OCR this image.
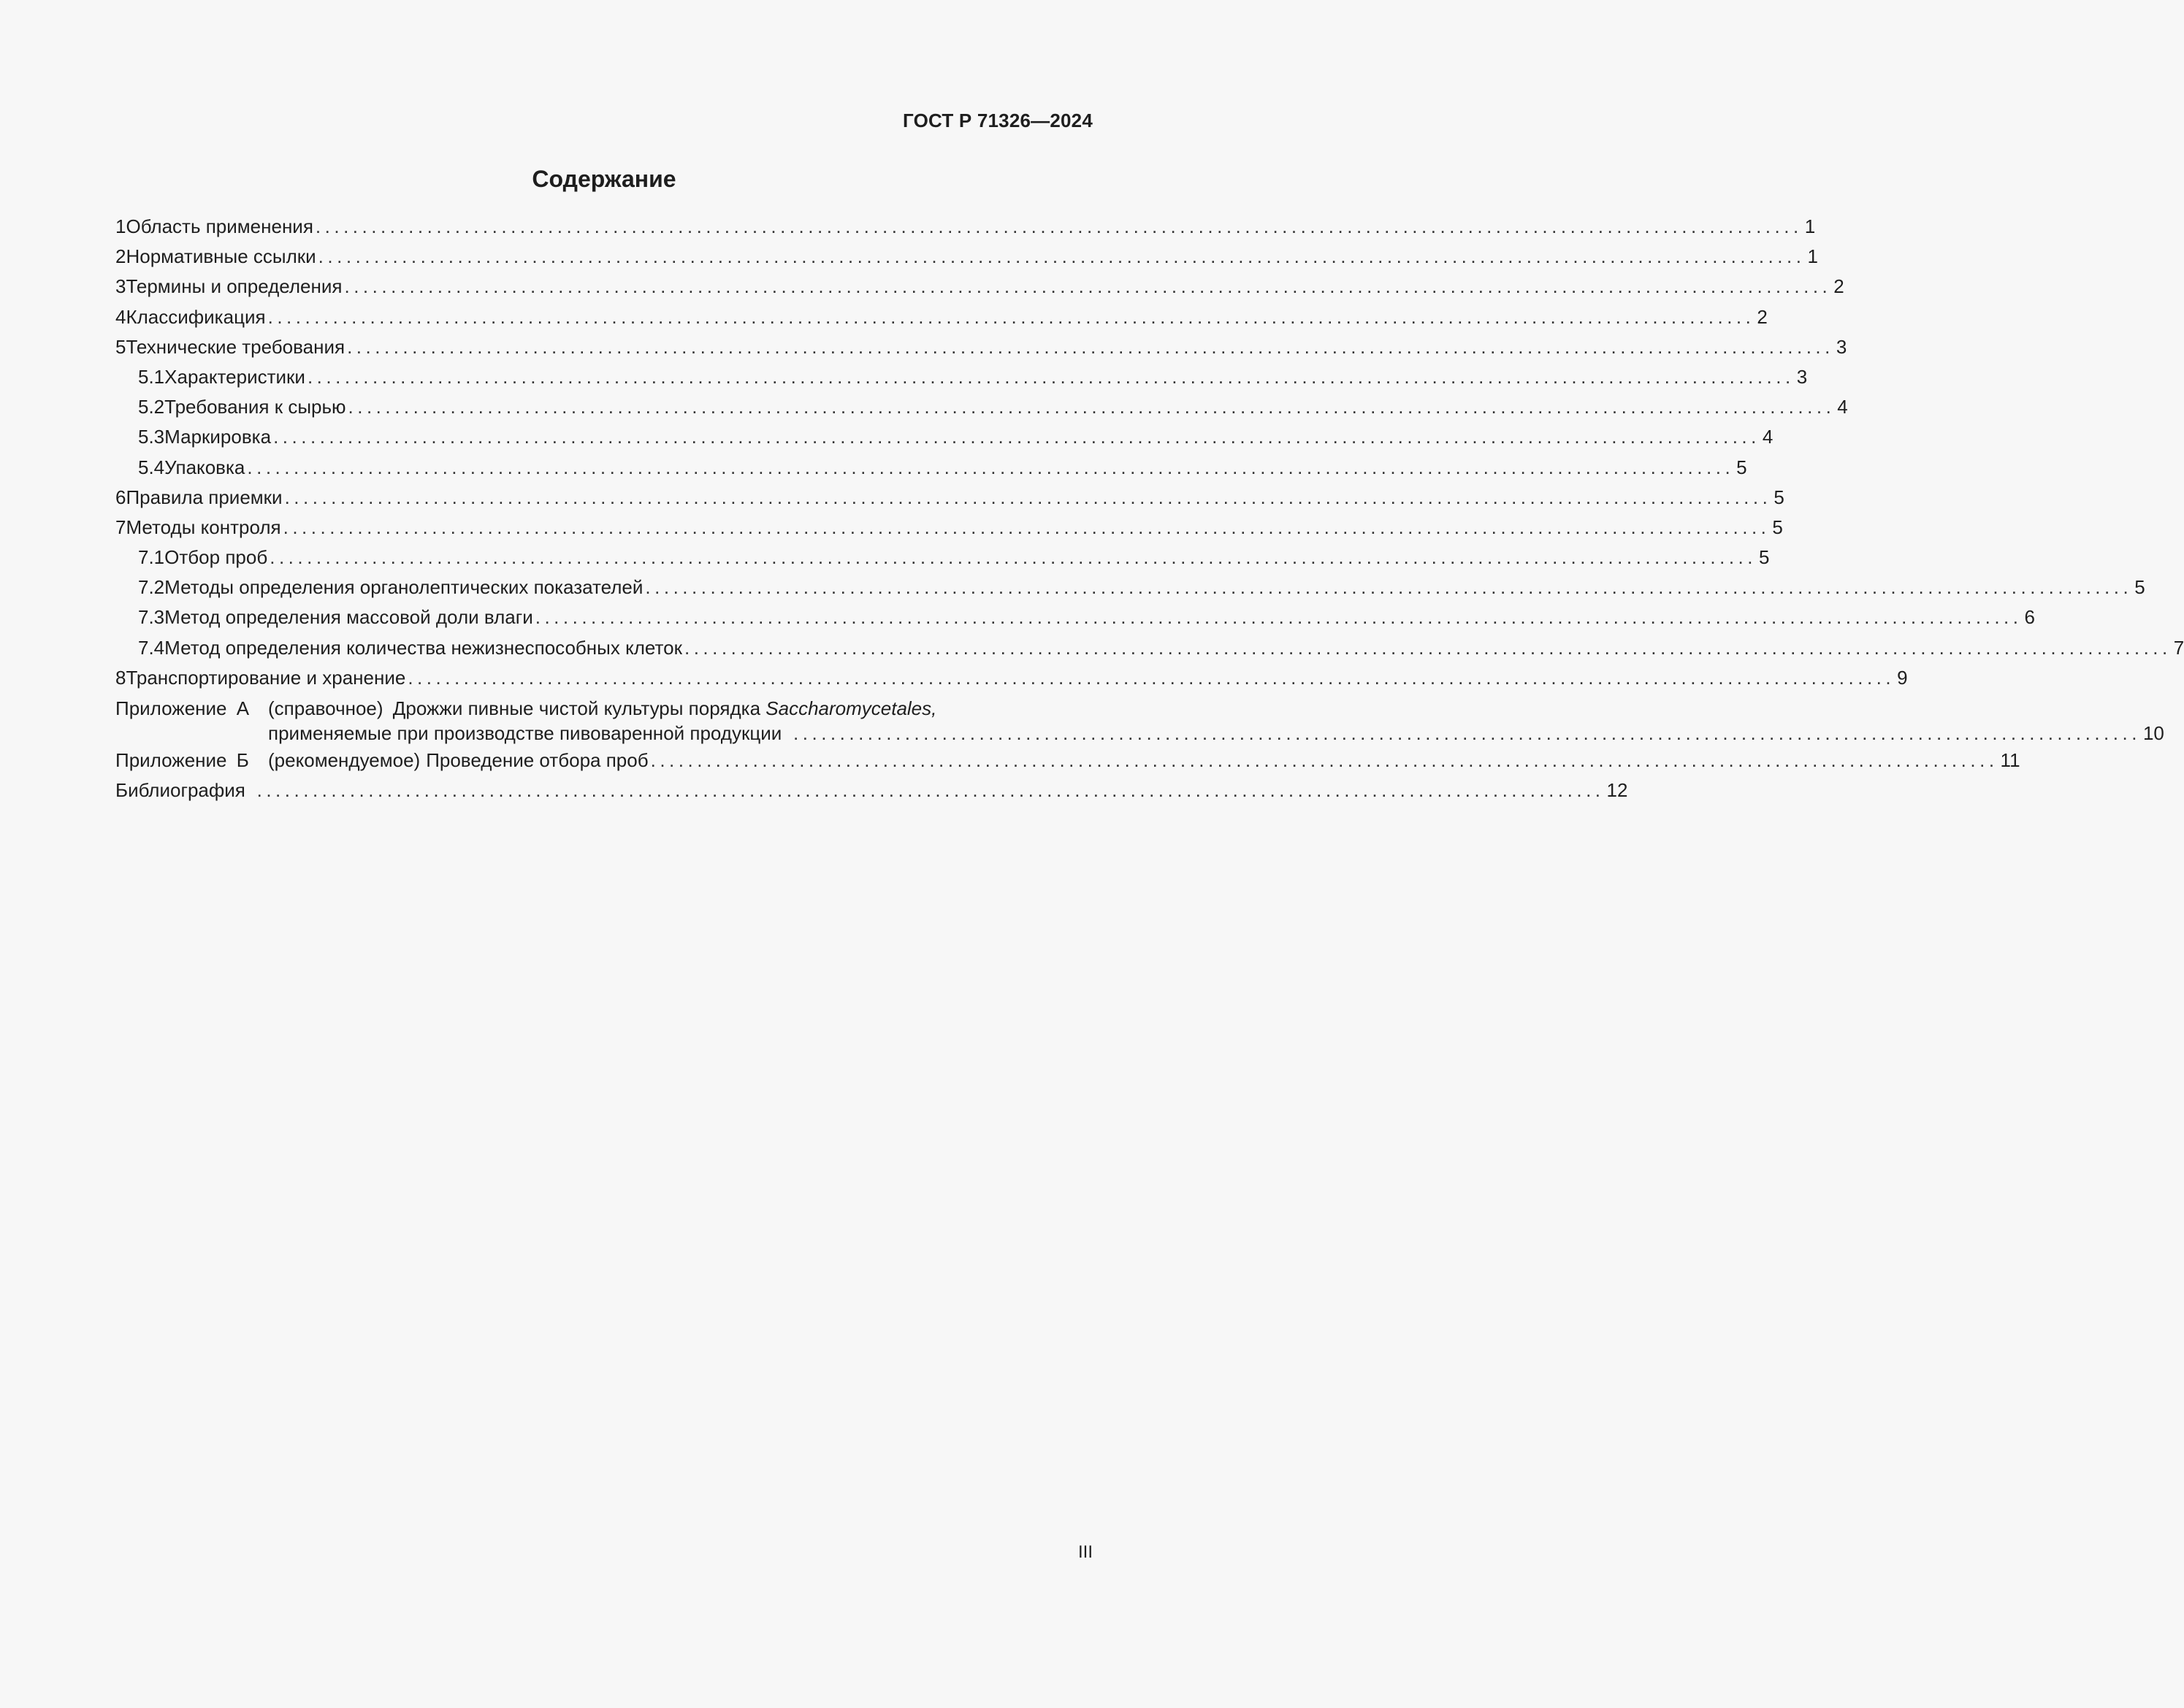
ГОСТ Р 71326—2024
Содержание
1 Область применения ................................................................................................................................................................ 1
2 Нормативные ссылки ................................................................................................................................................................ 1
3 Термины и определения ................................................................................................................................................................ 2
4 Классификация ................................................................................................................................................................ 2
5 Технические требования ................................................................................................................................................................ 3
5.1 Характеристики ................................................................................................................................................................ 3
5.2 Требования к сырью ................................................................................................................................................................ 4
5.3 Маркировка ................................................................................................................................................................ 4
5.4 Упаковка ................................................................................................................................................................ 5
6 Правила приемки ................................................................................................................................................................ 5
7 Методы контроля ................................................................................................................................................................ 5
7.1 Отбор проб ................................................................................................................................................................ 5
7.2 Методы определения органолептических показателей ................................................................................................................................................................ 5
7.3 Метод определения массовой доли влаги ................................................................................................................................................................ 6
7.4 Метод определения количества нежизнеспособных клеток ................................................................................................................................................................ 7
8 Транспортирование и хранение ................................................................................................................................................................ 9
Приложение А (справочное) Дрожжи пивные чистой культуры порядка Saccharomycetales,
применяемые при производстве пивоваренной продукции ................................................................................................................................................. 10
Приложение Б	(рекомендуемое) Проведение отбора проб ................................................................................................................................................. 11
Библиография ................................................................................................................................................. 12
III
